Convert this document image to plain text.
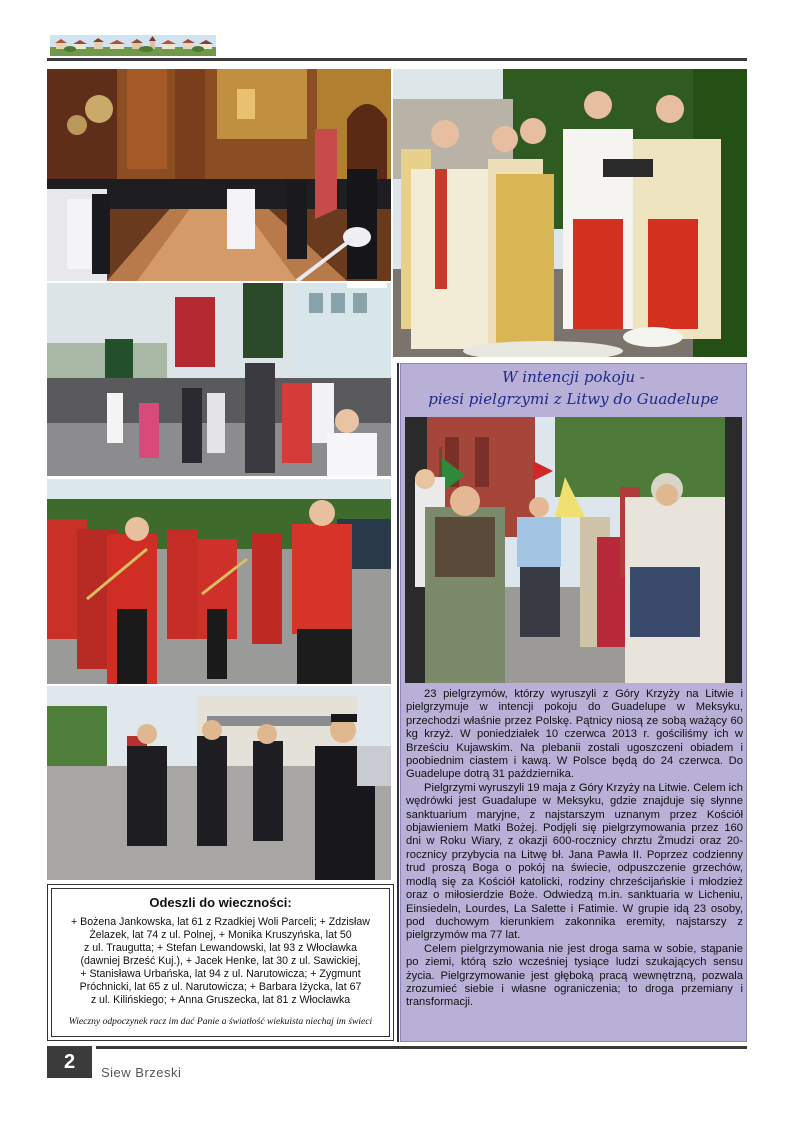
Odeszli do wieczności:
+ Bożena Jankowska, lat 61 z Rzadkiej Woli Parceli; + Zdzisław
Żelazek, lat 74 z ul. Polnej, + Monika Kruszyńska, lat 50
z ul. Traugutta; + Stefan Lewandowski, lat 93 z Włocławka
(dawniej Brześć Kuj.), + Jacek Henke, lat 30 z ul. Sawickiej,
+ Stanisława Urbańska, lat 94 z ul. Narutowicza; + Zygmunt
Próchnicki, lat 65 z ul. Narutowicza; + Barbara Iżycka, lat 67
z ul. Kilińskiego; + Anna Gruszecka, lat 81 z Włocławka
Wieczny odpoczynek racz im dać Panie a światłość wiekuista niechaj im świeci
W intencji pokoju -
piesi pielgrzymi z Litwy do Guadelupe

23 pielgrzymów, którzy wyruszyli z Góry Krzyży na Litwie i pielgrzymuje w intencji pokoju do Guadelupe w Meksyku, przechodzi właśnie przez Polskę. Pątnicy niosą ze sobą ważący 60 kg krzyż. W poniedziałek 10 czerwca 2013 r. gościliśmy ich w Brześciu Kujawskim. Na plebanii zostali ugoszczeni obiadem i poobiednim ciastem i kawą. W Polsce będą do 24 czerwca. Do Guadelupe dotrą 31 października.

Pielgrzymi wyruszyli 19 maja z Góry Krzyży na Litwie. Celem ich wędrówki jest Guadalupe w Meksyku, gdzie znajduje się słynne sanktuarium maryjne, z najstarszym uznanym przez Kościół objawieniem Matki Bożej. Podjęli się pielgrzymowania przez 160 dni w Roku Wiary, z okazji 600-rocznicy chrztu Żmudzi oraz 20-rocznicy przybycia na Litwę bł. Jana Pawła II. Poprzez codzienny trud proszą Boga o pokój na świecie, odpuszczenie grzechów, modlą się za Kościół katolicki, rodziny chrześcijańskie i młodzież oraz o miłosierdzie Boże. Odwiedzą m.in. sanktuaria w Licheniu, Einsiedeln, Lourdes, La Salette i Fatimie. W grupie idą 23 osoby, pod duchowym kierunkiem zakonnika eremity, najstarszy z pielgrzymów ma 77 lat.

Celem pielgrzymowania nie jest droga sama w sobie, stąpanie po ziemi, którą szło wcześniej tysiące ludzi szukających sensu życia. Pielgrzymowanie jest głęboką pracą wewnętrzną, pozwala zrozumieć siebie i własne ograniczenia; to droga przemiany i transformacji.

2	Siew Brzeski
